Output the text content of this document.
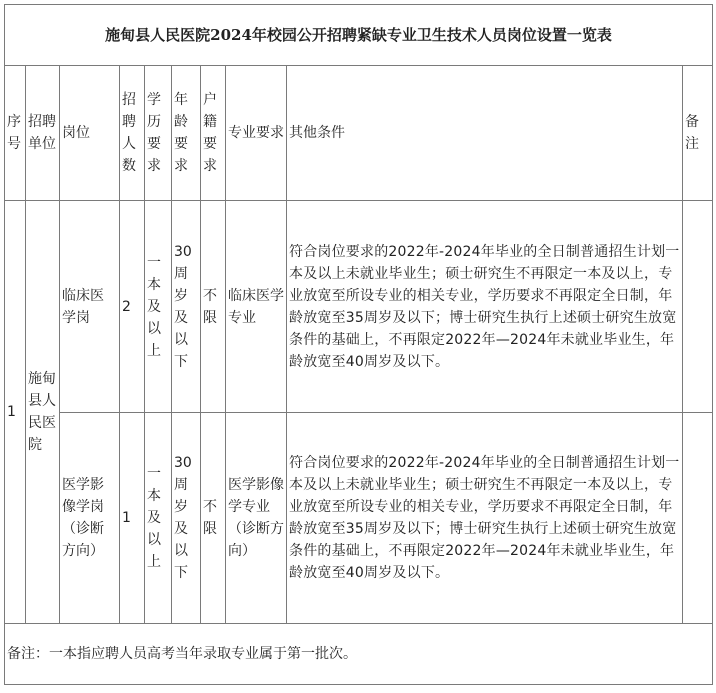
施甸县人民医院2024年校园公开招聘紧缺专业卫生技术人员岗位设置一览表									
序号	招聘单位	岗位	招聘人数	学历要求	年龄要求	户籍要求	专业要求	其他条件	备注
1	施甸县人民医院	临床医学岗	2	一本及以上	30周岁及以下	不限	临床医学专业	符合岗位要求的2022年-2024年毕业的全日制普通招生计划一本及以上未就业毕业生；硕士研究生不再限定一本及以上，专业放宽至所设专业的相关专业，学历要求不再限定全日制，年龄放宽至35周岁及以下；博士研究生执行上述硕士研究生放宽条件的基础上，不再限定2022年—2024年未就业毕业生，年龄放宽至40周岁及以下。	
		医学影像学岗（诊断方向）	1	一本及以上	30周岁及以下	不限	医学影像学专业（诊断方向）	符合岗位要求的2022年-2024年毕业的全日制普通招生计划一本及以上未就业毕业生；硕士研究生不再限定一本及以上，专业放宽至所设专业的相关专业，学历要求不再限定全日制，年龄放宽至35周岁及以下；博士研究生执行上述硕士研究生放宽条件的基础上，不再限定2022年—2024年未就业毕业生，年龄放宽至40周岁及以下。	
备注：一本指应聘人员高考当年录取专业属于第一批次。									
